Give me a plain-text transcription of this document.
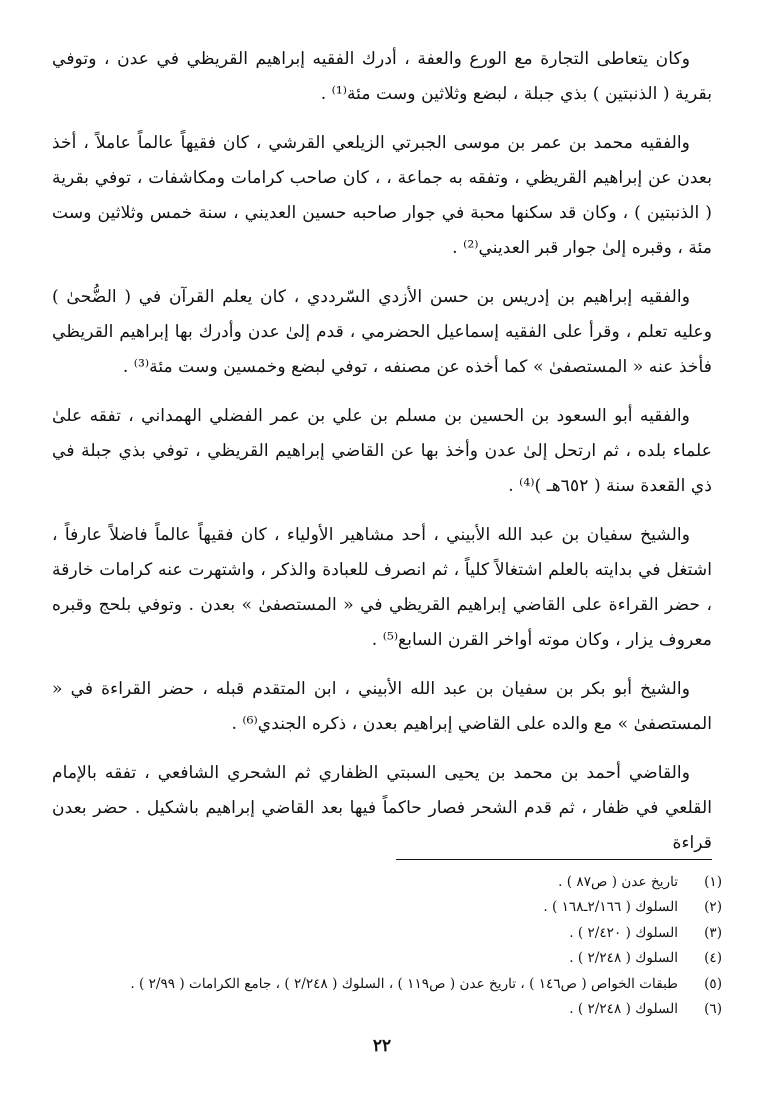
وكان يتعاطى التجارة مع الورع والعفة ، أدرك الفقيه إبراهيم القريظي في عدن ، وتوفي بقرية ( الذنبتين ) بذي جبلة ، لبضع وثلاثين وست مئة⁽¹⁾ .

والفقيه محمد بن عمر بن موسى الجبرتي الزيلعي القرشي ، كان فقيهاً عالماً عاملاً ، أخذ بعدن عن إبراهيم القريظي ، وتفقه به جماعة ، ، كان صاحب كرامات ومكاشفات ، توفي بقرية ( الذنبتين ) ، وكان قد سكنها محبة في جوار صاحبه حسين العديني ، سنة خمس وثلاثين وست مئة ، وقبره إلىٰ جوار قبر العديني⁽²⁾ .

والفقيه إبراهيم بن إدريس بن حسن الأزدي السّرددي ، كان يعلم القرآن في ( الضُّحىٰ ) وعليه تعلم ، وقرأ على الفقيه إسماعيل الحضرمي ، قدم إلىٰ عدن وأدرك بها إبراهيم القريظي فأخذ عنه « المستصفىٰ » كما أخذه عن مصنفه ، توفي لبضع وخمسين وست مئة⁽³⁾ .

والفقيه أبو السعود بن الحسين بن مسلم بن علي بن عمر الفضلي الهمداني ، تفقه علىٰ علماء بلده ، ثم ارتحل إلىٰ عدن وأخذ بها عن القاضي إبراهيم القريظي ، توفي بذي جبلة في ذي القعدة سنة ( ٦٥٢هـ )⁽⁴⁾ .

والشيخ سفيان بن عبد الله الأبيني ، أحد مشاهير الأولياء ، كان فقيهاً عالماً فاضلاً عارفاً ، اشتغل في بدايته بالعلم اشتغالاً كلياً ، ثم انصرف للعبادة والذكر ، واشتهرت عنه كرامات خارقة ، حضر القراءة على القاضي إبراهيم القريظي في « المستصفىٰ » بعدن . وتوفي بلحج وقبره معروف يزار ، وكان موته أواخر القرن السابع⁽⁵⁾ .

والشيخ أبو بكر بن سفيان بن عبد الله الأبيني ، ابن المتقدم قبله ، حضر القراءة في « المستصفىٰ » مع والده على القاضي إبراهيم بعدن ، ذكره الجندي⁽⁶⁾ .

والقاضي أحمد بن محمد بن يحيى السبتي الظفاري ثم الشحري الشافعي ، تفقه بالإمام القلعي في ظفار ، ثم قدم الشحر فصار حاكماً فيها بعد القاضي إبراهيم باشكيل . حضر بعدن قراءة

(١)
تاريخ عدن ( ص٨٧ ) .
(٢)
السلوك ( ٢/١٦٦ـ١٦٨ ) .
(٣)
السلوك ( ٢/٤٢٠ ) .
(٤)
السلوك ( ٢/٢٤٨ ) .
(٥)
طبقات الخواص ( ص١٤٦ ) ، تاريخ عدن ( ص١١٩ ) ، السلوك ( ٢/٢٤٨ ) ، جامع الكرامات ( ٢/٩٩ ) .
(٦)
السلوك ( ٢/٢٤٨ ) .
٢٢
